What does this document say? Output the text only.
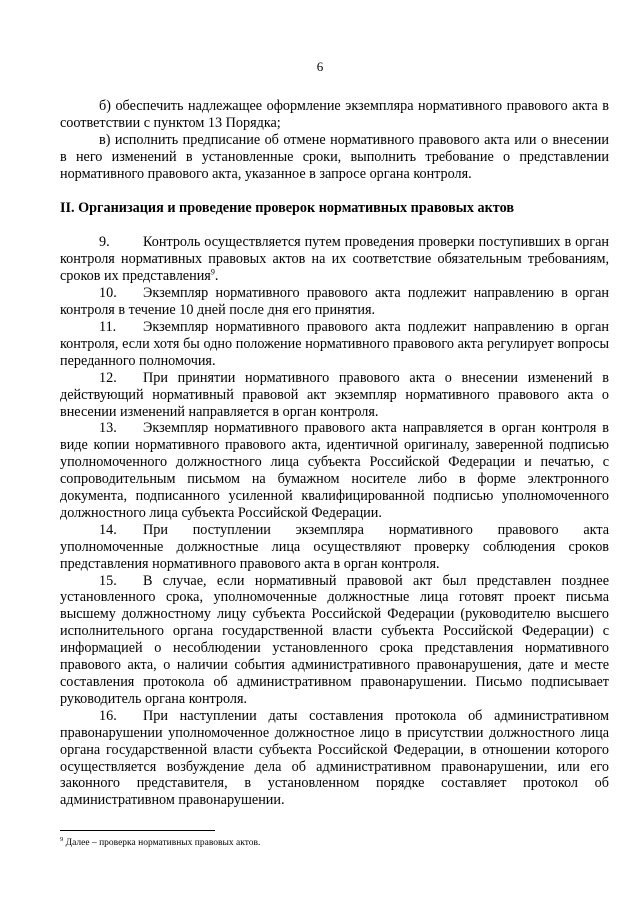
6

б) обеспечить надлежащее оформление экземпляра нормативного правового акта в соответствии с пунктом 13 Порядка;

в) исполнить предписание об отмене нормативного правового акта или о внесении в него изменений в установленные сроки, выполнить требование о представлении нормативного правового акта, указанное в запросе органа контроля.

II. Организация и проведение проверок нормативных правовых актов

9. Контроль осуществляется путем проведения проверки поступивших в орган контроля нормативных правовых актов на их соответствие обязательным требованиям, сроков их представления$^9$.

10. Экземпляр нормативного правового акта подлежит направлению в орган контроля в течение 10 дней после дня его принятия.

11. Экземпляр нормативного правового акта подлежит направлению в орган контроля, если хотя бы одно положение нормативного правового акта регулирует вопросы переданного полномочия.

12. При принятии нормативного правового акта о внесении изменений в действующий нормативный правовой акт экземпляр нормативного правового акта о внесении изменений направляется в орган контроля.

13. Экземпляр нормативного правового акта направляется в орган контроля в виде копии нормативного правового акта, идентичной оригиналу, заверенной подписью уполномоченного должностного лица субъекта Российской Федерации и печатью, с сопроводительным письмом на бумажном носителе либо в форме электронного документа, подписанного усиленной квалифицированной подписью уполномоченного должностного лица субъекта Российской Федерации.

14. При поступлении экземпляра нормативного правового акта уполномоченные должностные лица осуществляют проверку соблюдения сроков представления нормативного правового акта в орган контроля.

15. В случае, если нормативный правовой акт был представлен позднее установленного срока, уполномоченные должностные лица готовят проект письма высшему должностному лицу субъекта Российской Федерации (руководителю высшего исполнительного органа государственной власти субъекта Российской Федерации) с информацией о несоблюдении установленного срока представления нормативного правового акта, о наличии события административного правонарушения, дате и месте составления протокола об административном правонарушении. Письмо подписывает руководитель органа контроля.

16. При наступлении даты составления протокола об административном правонарушении уполномоченное должностное лицо в присутствии должностного лица органа государственной власти субъекта Российской Федерации, в отношении которого осуществляется возбуждение дела об административном правонарушении, или его законного представителя, в установленном порядке составляет протокол об административном правонарушении.

$^9$ Далее – проверка нормативных правовых актов.
